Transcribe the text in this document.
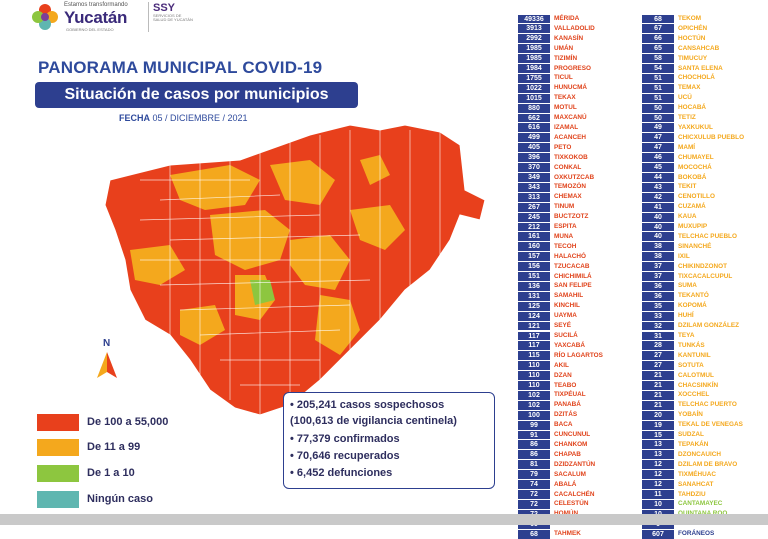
Estamos transformando
Yucatán
GOBIERNO DEL ESTADO
SSY
SERVICIOS DE SALUD DE YUCATÁN
PANORAMA MUNICIPAL COVID-19
Situación de casos por municipios
FECHA 05 / DICIEMBRE / 2021
N
De 100 a 55,000
De 11 a 99
De 1 a 10
Ningún caso
• 205,241 casos sospechosos
(100,613 de vigilancia centinela)
• 77,379 confirmados
• 70,646 recuperados
• 6,452 defunciones
49336	MÉRIDA
3913	VALLADOLID
2992	KANASÍN
1985	UMÁN
1985	TIZIMÍN
1984	PROGRESO
1755	TICUL
1022	HUNUCMÁ
1015	TEKAX
880	MOTUL
662	MAXCANÚ
616	IZAMAL
499	ACANCEH
405	PETO
396	TIXKOKOB
370	CONKAL
349	OXKUTZCAB
343	TEMOZÓN
313	CHEMAX
267	TINUM
245	BUCTZOTZ
212	ESPITA
161	MUNA
160	TECOH
157	HALACHÓ
156	TZUCACAB
151	CHICHIMILÁ
136	SAN FELIPE
131	SAMAHIL
125	KINCHIL
124	UAYMA
121	SEYÉ
117	SUCILÁ
117	YAXCABÁ
115	RÍO LAGARTOS
110	AKIL
110	DZAN
110	TEABO
102	TIXPÉUAL
102	PANABÁ
100	DZITÁS
99	BACA
91	CUNCUNUL
86	CHANKOM
86	CHAPAB
81	DZIDZANTÚN
79	SACALUM
74	ABALÁ
72	CACALCHÉN
72	CELESTÚN
68	TAHMEK
68	TEKOM
67	OPICHÉN
66	HOCTÚN
65	CANSAHCAB
58	TIMUCUY
54	SANTA ELENA
51	CHOCHOLÁ
51	TEMAX
51	UCÚ
50	HOCABÁ
50	TETIZ
49	YAXKUKUL
47	CHICXULUB PUEBLO
47	MAMÍ
46	CHUMAYEL
45	MOCOCHÁ
44	BOKOBÁ
43	TEKIT
42	CENOTILLO
41	CUZAMÁ
40	KAUA
40	MUXUPIP
40	TELCHAC PUEBLO
38	SINANCHÉ
38	IXIL
37	CHIKINDZONOT
37	TIXCACALCUPUL
36	SUMA
36	TEKANTÓ
35	KOPOMÁ
33	HUHÍ
32	DZILAM GONZÁLEZ
31	TEYA
28	TUNKÁS
27	KANTUNIL
27	SOTUTA
21	CALOTMUL
21	CHACSINKÍN
21	XOCCHEL
21	TELCHAC PUERTO
20	YOBAÍN
19	TEKAL DE VENEGAS
15	SUDZAL
13	TEPAKÁN
13	DZONCAUICH
12	DZILAM DE BRAVO
12	TIXMÉHUAC
12	SANAHCAT
11	TAHDZIU
10	CANTAMAYEC
607	FORÁNEOS
